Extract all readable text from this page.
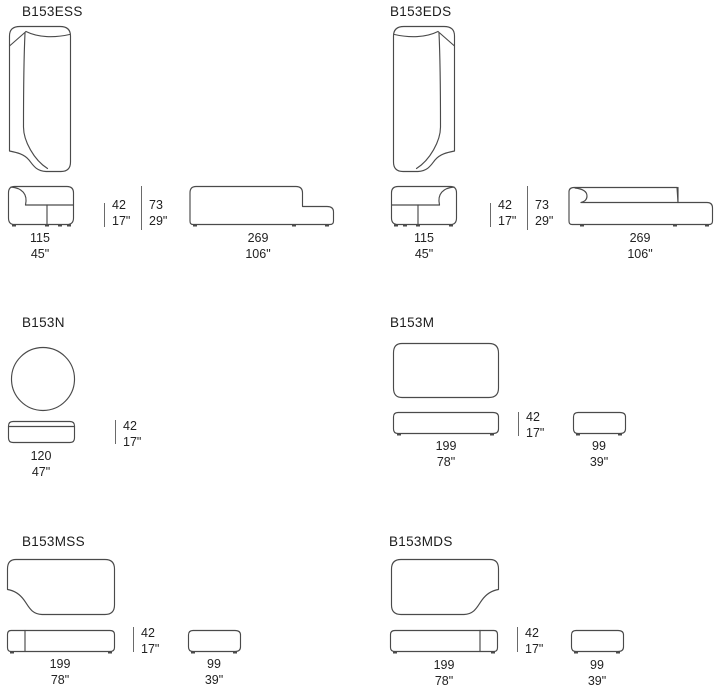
B153ESS
42
17"
73
29"
115
45"
269
106"
B153EDS
42
17"
73
29"
115
45"
269
106"
B153N
42
17"
120
47"
B153M
42
17"
199
78"
99
39"
B153MSS
42
17"
199
78"
99
39"
B153MDS
42
17"
199
78"
99
39"
